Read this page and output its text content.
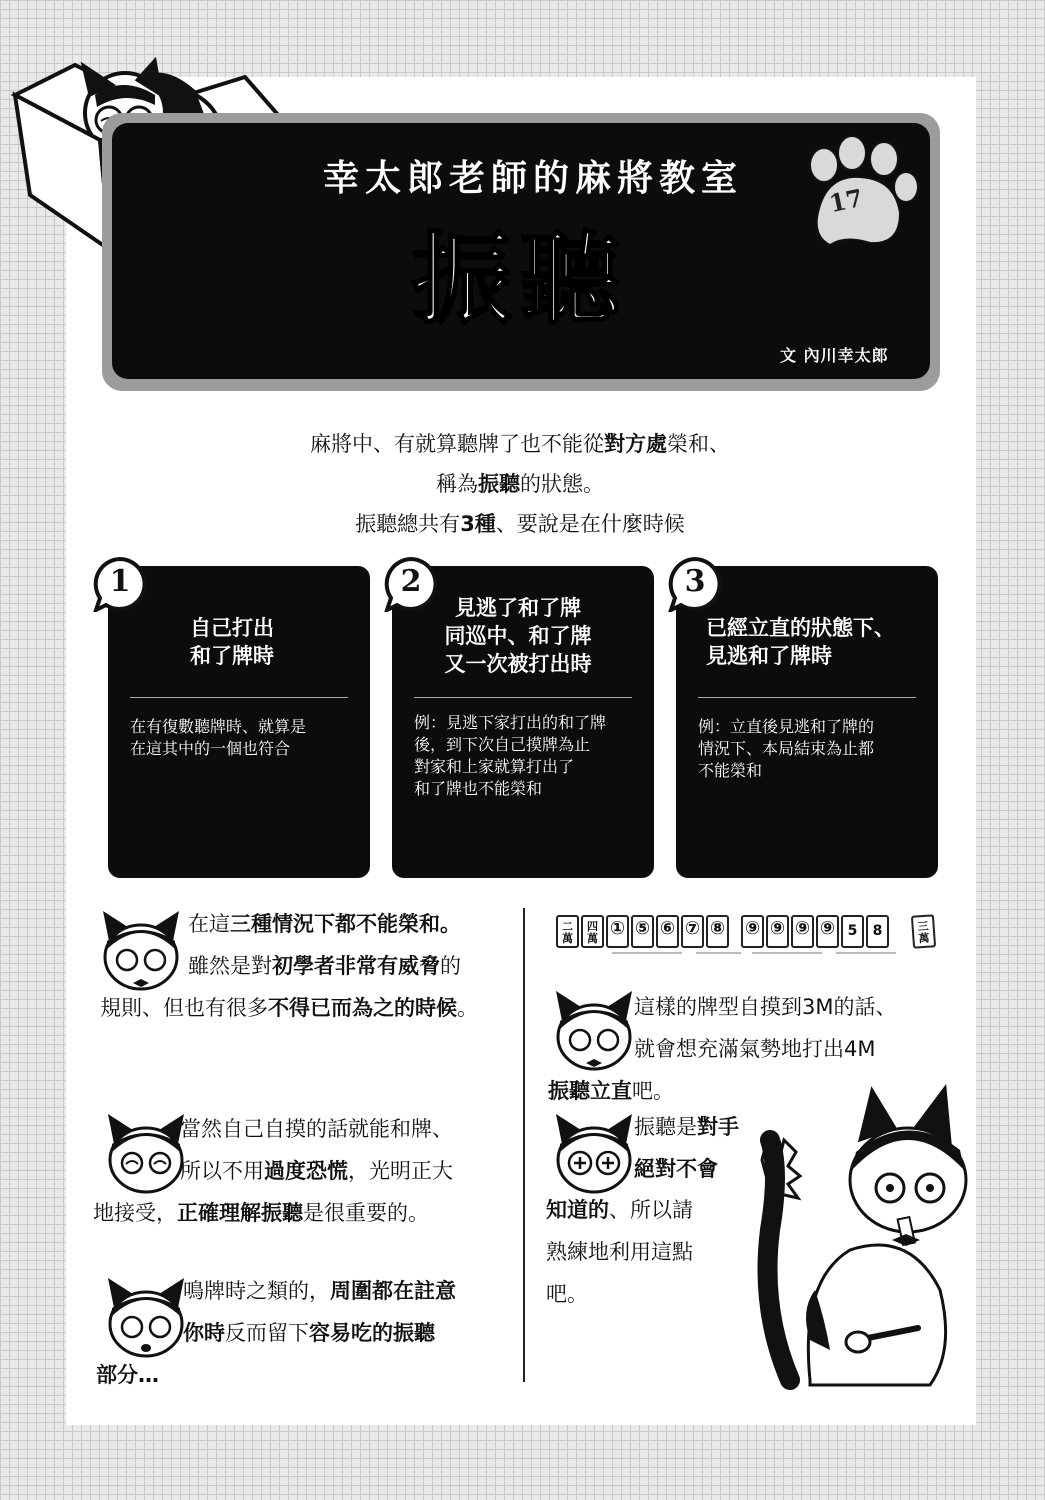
幸太郎老師的麻將教室
振聽
17
文 內川幸太郎

麻將中、有就算聽牌了也不能從對方處榮和、

稱為振聽的狀態。

振聽總共有3種、要說是在什麼時候

自己打出
和了牌時
在有復數聽牌時、就算是
在這其中的一個也符合
1
見逃了和了牌
同巡中、和了牌
又一次被打出時
例：見逃下家打出的和了牌
後，到下次自己摸牌為止
對家和上家就算打出了
和了牌也不能榮和
2
已經立直的狀態下、
見逃和了牌時
例：立直後見逃和了牌的
情況下、本局結束為止都
不能榮和
3

在這三種情況下都不能榮和。

雖然是對初學者非常有威脅的

規則、但也有很多不得已而為之的時候。

當然自己自摸的話就能和牌、

所以不用過度恐慌，光明正大

地接受，正確理解振聽是很重要的。

鳴牌時之類的，周圍都在註意

你時反而留下容易吃的振聽

部分…

二萬
四萬 ① ⑤ ⑥ ⑦ ⑧ ⑨ ⑨ ⑨ ⑨ 5	8	三萬

這樣的牌型自摸到3M的話、

就會想充滿氣勢地打出4M

振聽立直吧。

振聽是對手

絕對不會

知道的、所以請

熟練地利用這點

吧。
